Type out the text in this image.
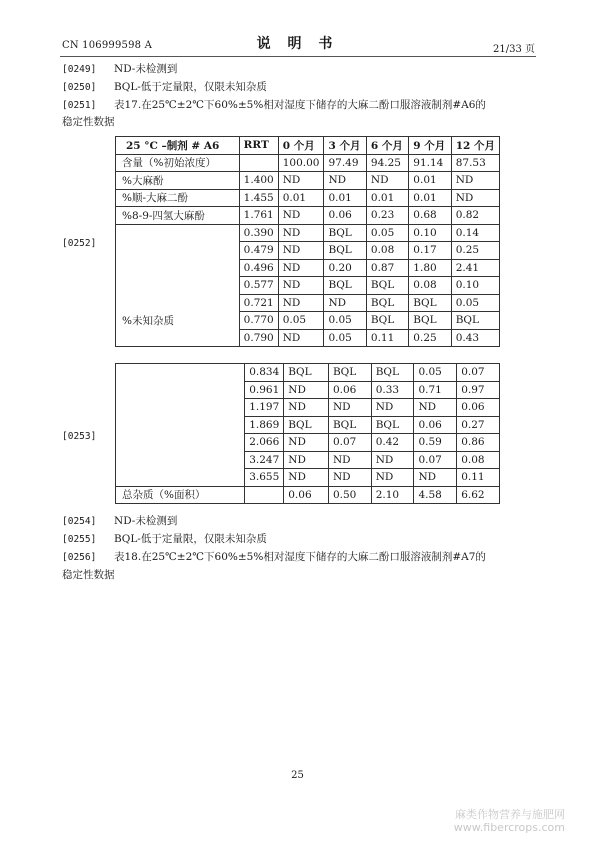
CN 106999598 A	说 明 书	21/33 页
[0249] ND-未检测到
[0250] BQL-低于定量限，仅限未知杂质
[0251] 表17.在25℃±2℃下60%±5%相对湿度下储存的大麻二酚口服溶液制剂#A6的
稳定性数据
[0252]
25 °C –制剂 # A6	RRT	0 个月	3 个月	6 个月	9 个月	12 个月
含量（%初始浓度）		100.00	97.49	94.25	91.14	87.53
%大麻酚	1.400	ND	ND	ND	0.01	ND
%顺-大麻二酚	1.455	0.01	0.01	0.01	0.01	ND
%8-9-四氢大麻酚	1.761	ND	0.06	0.23	0.68	0.82
%未知杂质	0.390	ND	BQL	0.05	0.10	0.14
	0.479	ND	BQL	0.08	0.17	0.25
	0.496	ND	0.20	0.87	1.80	2.41
	0.577	ND	BQL	BQL	0.08	0.10
	0.721	ND	ND	BQL	BQL	0.05
	0.770	0.05	0.05	BQL	BQL	BQL
	0.790	ND	0.05	0.11	0.25	0.43
[0253]
	0.834	BQL	BQL	BQL	0.05	0.07
	0.961	ND	0.06	0.33	0.71	0.97
	1.197	ND	ND	ND	ND	0.06
	1.869	BQL	BQL	BQL	0.06	0.27
	2.066	ND	0.07	0.42	0.59	0.86
	3.247	ND	ND	ND	0.07	0.08
	3.655	ND	ND	ND	ND	0.11
总杂质（%面积）		0.06	0.50	2.10	4.58	6.62
[0254] ND-未检测到
[0255] BQL-低于定量限，仅限未知杂质
[0256] 表18.在25℃±2℃下60%±5%相对湿度下储存的大麻二酚口服溶液制剂#A7的
稳定性数据
25
麻类作物营养与施肥网
www.fibercrops.com
